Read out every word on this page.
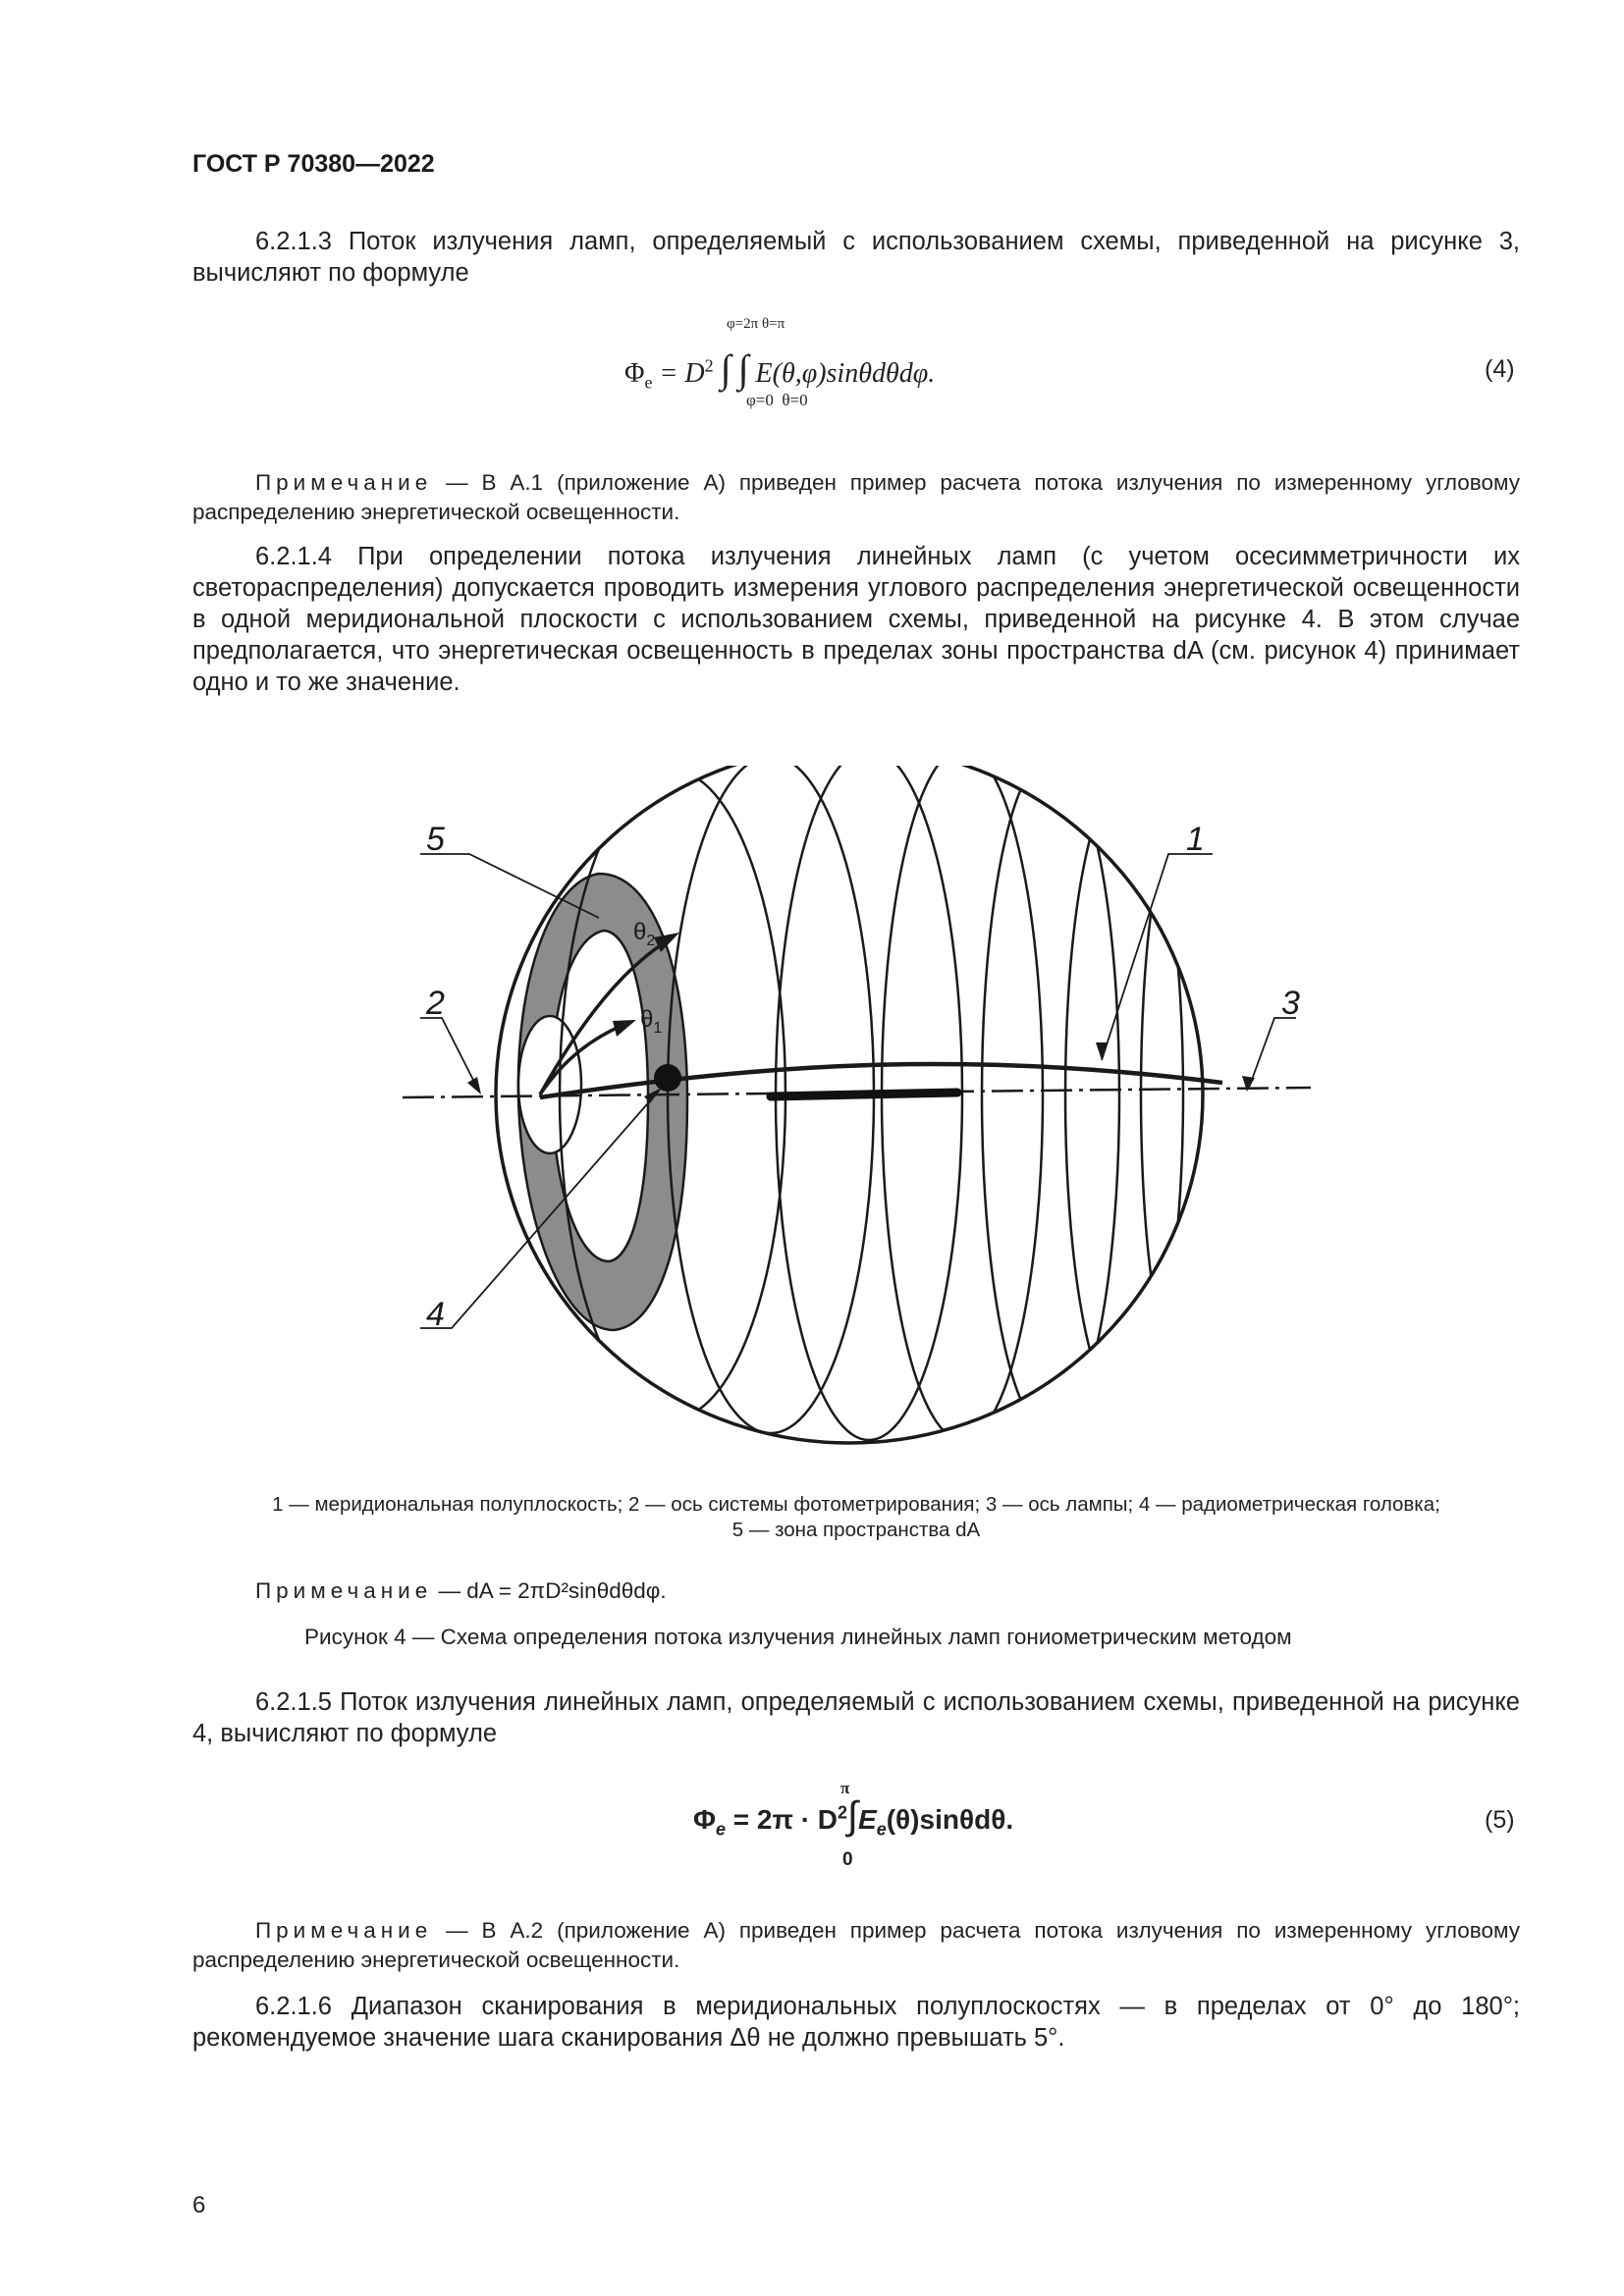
ГОСТ Р 70380—2022

6.2.1.3 Поток излучения ламп, определяемый с использованием схемы, приведенной на рисунке 3, вычисляют по формуле

φ=2π θ=π
$\Phi_e = D^2$ ∫ ∫ E(θ,φ)sinθdθdφ.
φ=0  θ=0
(4)

Примечание — В А.1 (приложение А) приведен пример расчета потока излучения по измеренному угловому распределению энергетической освещенности.

6.2.1.4 При определении потока излучения линейных ламп (с учетом осесимметричности их светораспределения) допускается проводить измерения углового распределения энергетической освещенности в одной меридиональной плоскости с использованием схемы, приведенной на рисунке 4. В этом случае предполагается, что энергетическая освещенность в пределах зоны пространства dA (см. рисунок 4) принимает одно и то же значение.

5	1
2	3
4
$\theta_2$
$\theta_1$
1 — меридиональная полуплоскость; 2 — ось системы фотометрирования; 3 — ось лампы; 4 — радиометрическая головка;
5 — зона пространства dA

Примечание — dA = 2πD²sinθdθdφ.

Рисунок 4 — Схема определения потока излучения линейных ламп гониометрическим методом

6.2.1.5 Поток излучения линейных ламп, определяемый с использованием схемы, приведенной на рисунке 4, вычисляют по формуле

π
$\Phi_e = 2\pi \cdot D^2\int E_e(\theta)\sin\theta d\theta$.
0
(5)

Примечание — В А.2 (приложение А) приведен пример расчета потока излучения по измеренному угловому распределению энергетической освещенности.

6.2.1.6 Диапазон сканирования в меридиональных полуплоскостях — в пределах от 0° до 180°; рекомендуемое значение шага сканирования Δθ не должно превышать 5°.

6
